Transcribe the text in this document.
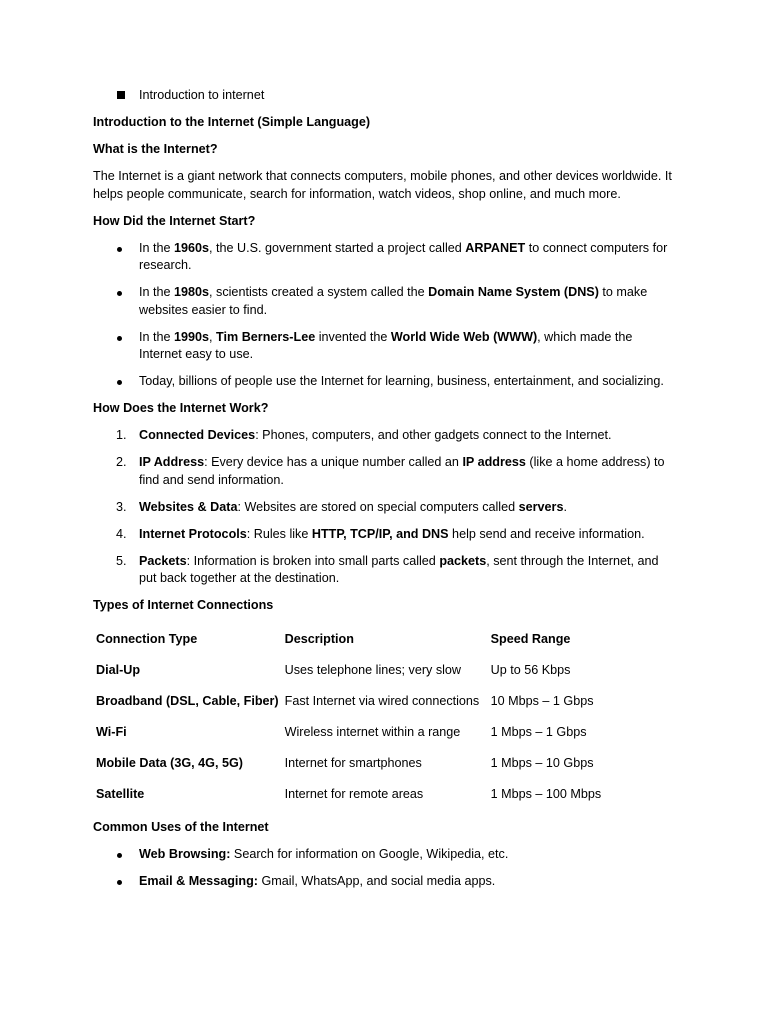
Introduction to internet
Introduction to the Internet (Simple Language)
What is the Internet?
The Internet is a giant network that connects computers, mobile phones, and other devices worldwide. It helps people communicate, search for information, watch videos, shop online, and much more.
How Did the Internet Start?
In the 1960s, the U.S. government started a project called ARPANET to connect computers for research.
In the 1980s, scientists created a system called the Domain Name System (DNS) to make websites easier to find.
In the 1990s, Tim Berners-Lee invented the World Wide Web (WWW), which made the Internet easy to use.
Today, billions of people use the Internet for learning, business, entertainment, and socializing.
How Does the Internet Work?
1. Connected Devices: Phones, computers, and other gadgets connect to the Internet.
2. IP Address: Every device has a unique number called an IP address (like a home address) to find and send information.
3. Websites & Data: Websites are stored on special computers called servers.
4. Internet Protocols: Rules like HTTP, TCP/IP, and DNS help send and receive information.
5. Packets: Information is broken into small parts called packets, sent through the Internet, and put back together at the destination.
Types of Internet Connections
Connection Type	Description	Speed Range
Dial-Up	Uses telephone lines; very slow	Up to 56 Kbps
Broadband (DSL, Cable, Fiber)	Fast Internet via wired connections	10 Mbps – 1 Gbps
Wi-Fi	Wireless internet within a range	1 Mbps – 1 Gbps
Mobile Data (3G, 4G, 5G)	Internet for smartphones	1 Mbps – 10 Gbps
Satellite	Internet for remote areas	1 Mbps – 100 Mbps
Common Uses of the Internet
Web Browsing: Search for information on Google, Wikipedia, etc.
Email & Messaging: Gmail, WhatsApp, and social media apps.
